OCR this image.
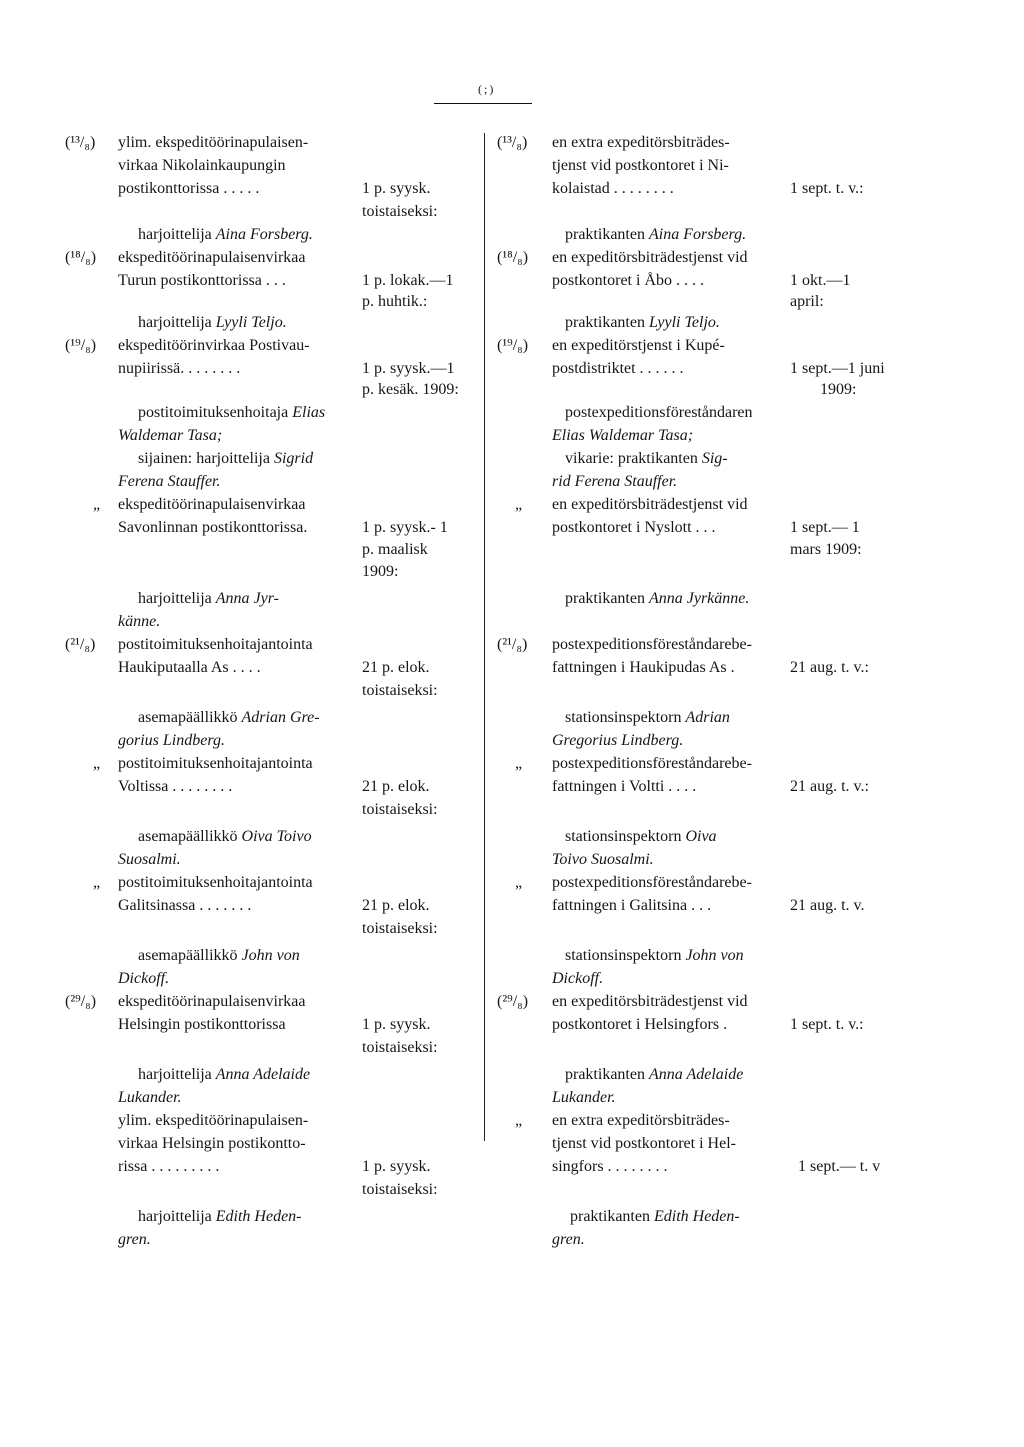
(;)
(¹³/₈) ylim. ekspeditöörinapulaisen-
virkaa Nikolainkaupungin
postikonttorissa . . . . .	1 p. syysk.
toistaiseksi:
harjoittelija Aina Forsberg.
(¹⁸/₈) ekspeditöörinapulaisenvirkaa
Turun postikonttorissa . . .	1 p. lokak.—1
p. huhtik.:
harjoittelija Lyyli Teljo.
(¹⁹/₈) ekspeditöörinvirkaa Postivau-
nupiirissä. . . . . . . .	1 p. syysk.—1
p. kesäk. 1909:
postitoimituksenhoitaja Elias
Waldemar Tasa;
sijainen: harjoittelija Sigrid
Ferena Stauffer.
„ ekspeditöörinapulaisenvirkaa
Savonlinnan postikonttorissa.	1 p. syysk.- 1
p. maalisk
1909:
harjoittelija Anna Jyr-
känne.
(²¹/₈) postitoimituksenhoitajantointa
Haukiputaalla As . . . .	21 p. elok.
toistaiseksi:
asemapäällikkö Adrian Gre-
gorius Lindberg.
„ postitoimituksenhoitajantointa
Voltissa . . . . . . . .	21 p. elok.
toistaiseksi:
asemapäällikkö Oiva Toivo
Suosalmi.
„ postitoimituksenhoitajantointa
Galitsinassa . . . . . . .	21 p. elok.
toistaiseksi:
asemapäällikkö John von
Dickoff.
(²⁹/₈) ekspeditöörinapulaisenvirkaa
Helsingin postikonttorissa	1 p. syysk.
toistaiseksi:
harjoittelija Anna Adelaide
Lukander.
ylim. ekspeditöörinapulaisen-
virkaa Helsingin postikontto-
rissa . . . . . . . . .	1 p. syysk.
toistaiseksi:
harjoittelija Edith Heden-
gren.
(¹³/₈) en extra expeditörsbiträdes-
tjenst vid postkontoret i Ni-
kolaistad . . . . . . . .	1 sept. t. v.:
praktikanten Aina Forsberg.
(¹⁸/₈) en expeditörsbiträdestjenst vid
postkontoret i Åbo . . . .	1 okt.—1
april:
praktikanten Lyyli Teljo.
(¹⁹/₈) en expeditörstjenst i Kupé-
postdistriktet . . . . . .	1 sept.—1 juni
1909:
postexpeditionsföreståndaren
Elias Waldemar Tasa;
vikarie: praktikanten Sig-
rid Ferena Stauffer.
„ en expeditörsbiträdestjenst vid
postkontoret i Nyslott . . .	1 sept.— 1
mars 1909:
praktikanten Anna Jyrkänne.
(²¹/₈) postexpeditionsföreståndarebe-
fattningen i Haukipudas As .	21 aug. t. v.:
stationsinspektorn Adrian
Gregorius Lindberg.
„ postexpeditionsföreståndarebe-
fattningen i Voltti . . . .	21 aug. t. v.:
stationsinspektorn Oiva
Toivo Suosalmi.
„ postexpeditionsföreståndarebe-
fattningen i Galitsina . . .	21 aug. t. v.
stationsinspektorn John von
Dickoff.
(²⁹/₈) en expeditörsbiträdestjenst vid
postkontoret i Helsingfors .	1 sept. t. v.:
praktikanten Anna Adelaide
Lukander.
„ en extra expeditörsbiträdes-
tjenst vid postkontoret i Hel-
singfors . . . . . . . .	1 sept.— t. v
praktikanten Edith Heden-
gren.
